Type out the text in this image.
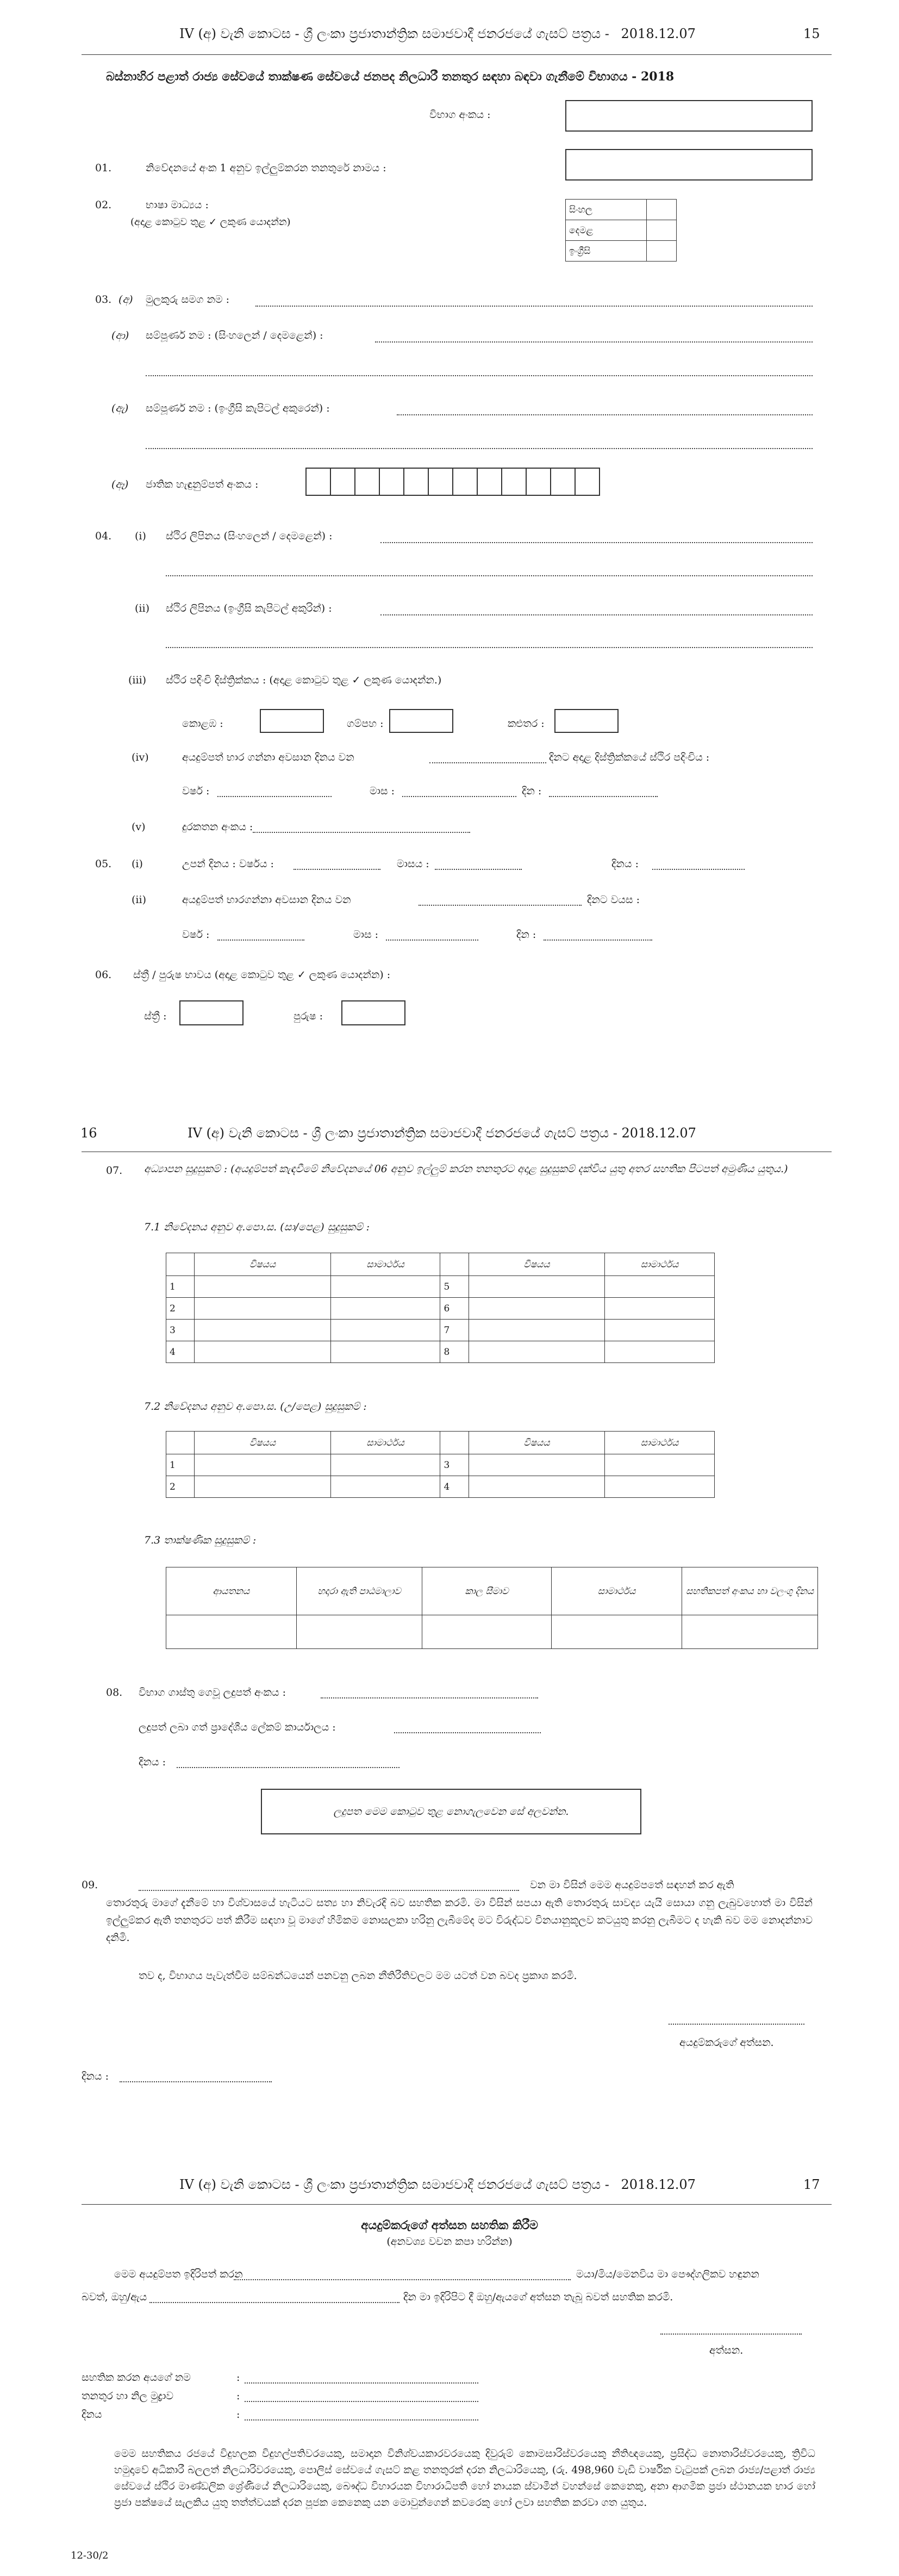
IV (අ) වැනි කොටස - ශ්‍රී ලංකා ප්‍රජාතාන්ත්‍රික සමාජවාදී ජනරජයේ ගැසට් පත්‍රය - 2018.12.07	15
බස්නාහිර පළාත් රාජ්‍ය සේවයේ තාක්ෂණ සේවයේ ජනපද නිලධාරී තනතුර සඳහා බඳවා ගැනීමේ විභාගය - 2018
විභාග අංකය :
01.	නිවේදනයේ අංක 1 අනුව ඉල්ලුම්කරන තනතුරේ නාමය :
02.	භාෂා මාධ්‍යය :
(අදාළ කොටුව තුළ ✓ ලකුණ යොදන්න)
සිංහල	
දෙමළ	
ඉංග්‍රීසි	
03. (අ) මුලකුරු සමග නම :
(ආ) සම්පූර්ණ නම : (සිංහලෙන් / දෙමළෙන්) :
(ඇ) සම්පූර්ණ නම : (ඉංග්‍රීසි කැපිටල් අකුරෙන්) :
(ඈ) ජාතික හැඳුනුම්පත් අංකය :
04. (i) ස්ථිර ලිපිනය (සිංහලෙන් / දෙමළෙන්) :
(ii) ස්ථිර ලිපිනය (ඉංග්‍රීසි කැපිටල් අකුරින්) :
(iii) ස්ථිර පදිංචි දිස්ත්‍රික්කය : (අදාළ කොටුව තුළ ✓ ලකුණ යොදන්න.)
කොළඹ :	ගම්පහ :	කළුතර :
(iv)	අයදුම්පත් භාර ගන්නා අවසාන දිනය වන	දිනට අදාළ දිස්ත්‍රික්කයේ ස්ථිර පදිංචිය :
වර්ෂ :	මාස :	දින :
(v)	දුරකතන අංකය :
05. (i)	උපන් දිනය : වර්ෂය :	මාසය :	දිනය :
(ii)	අයදුම්පත් භාරගන්නා අවසාන දිනය වන	දිනට වයස :
වර්ෂ :	මාස :	දින :
06. ස්ත්‍රී / පුරුෂ භාවය (අදාළ කොටුව තුළ ✓ ලකුණ යොදන්න) :
ස්ත්‍රී :	පුරුෂ :
16	IV (අ) වැනි කොටස - ශ්‍රී ලංකා ප්‍රජාතාන්ත්‍රික සමාජවාදී ජනරජයේ ගැසට් පත්‍රය - 2018.12.07
07. අධ්‍යාපන සුදුසුකම් : (අයදුම්පත් කැඳවීමේ නිවේදනයේ 06 අනුව ඉල්ලුම් කරන තනතුරට අදාළ සුදුසුකම් දක්විය යුතු අතර සහතික පිටපත් අමුණිය යුතුය.)
7.1 නිවේදනය අනුව අ.පො.ස. (සා/පෙළ) සුදුසුකම් :
	විෂයය	සාමාර්ථය		විෂයය	සාමාර්ථය
1			5		
2			6		
3			7		
4			8		
7.2 නිවේදනය අනුව අ.පො.ස. (උ/පෙළ) සුදුසුකම් :
	විෂයය	සාමාර්ථය		විෂයය	සාමාර්ථය
1			3		
2			4		
7.3 තාක්ෂණික සුදුසුකම් :
ආයතනය	හදාරා ඇති පාඨමාලාව	කාල සීමාව	සාමාර්ථය	සහතිකපත් අංකය හා වලංගු දිනය

08. විභාග ගාස්තු ගෙවූ ලදුපත් අංකය :
ලදුපත් ලබා ගත් ප්‍රාදේශීය ලේකම් කාර්යාලය :
දිනය :
ලදුපත මෙම කොටුව තුළ නොගැලවෙන සේ අලවන්න.
09.	වන මා විසින් මෙම අයදුම්පතේ සඳහන් කර ඇති
තොරතුරු මාගේ දැනීමේ හා විශ්වාසයේ හැටියට සත්‍ය හා නිවැරදි බව සහතික කරමි. මා විසින් සපයා ඇති තොරතුරු සාවද්‍ය යැයි සොයා ගනු ලැබුවහොත් මා විසින් ඉල්ලුම්කර ඇති තනතුරට පත් කිරීම සඳහා වූ මාගේ හිමිකම නොසලකා හරිනු ලැබීමේද මට විරුද්ධව විනයානුකූලව කටයුතු කරනු ලැබීමට ද හැකි බව මම නොදන්නාව දනිමි.
තව ද, විභාගය පැවැත්වීම සම්බන්ධයෙන් පනවනු ලබන නීතිරීතිවලට මම යටත් වන බවද ප්‍රකාශ කරමි.
අයදුම්කරුගේ අත්සන.
දිනය :
IV (අ) වැනි කොටස - ශ්‍රී ලංකා ප්‍රජාතාන්ත්‍රික සමාජවාදී ජනරජයේ ගැසට් පත්‍රය - 2018.12.07	17
අයදුම්කරුගේ අත්සන සහතික කිරීම
(අනවශ්‍ය වචන කපා හරින්න)
මෙම අයදුම්පත ඉදිරිපත් කරන	මයා/මිය/මෙනවිය මා පෞද්ගලිකව හඳුනන
බවත්, ඔහු/ඇය	දින මා ඉදිරිපිට දී ඔහු/ඇයගේ අත්සන තැබූ බවත් සහතික කරමි.
අත්සන.
සහතික කරන අයගේ නම	:
තනතුර හා නිල මුද්‍රාව	:
දිනය	:
මෙම සහතිකය රජයේ විදුහලක විදුහල්පතිවරයෙකු, සමාදාන විනිශ්චයකාරවරයෙකු දිවුරුම් කොමසාරිස්වරයෙකු නීතිඥයෙකු, ප්‍රසිද්ධ නොතාරිස්වරයෙකු, ත්‍රිවිධ හමුදාවේ අධිකාරී බලලත් නිලධාරිවරයෙකු, පොලිස් සේවයේ ගැසට් කළ තනතුරක් දරන නිලධාරියෙකු, (රු. 498,960 වැඩි වාර්ෂික වැටුපක් ලබන රාජ්‍ය/පළාත් රාජ්‍ය සේවයේ ස්ථිර මාණ්ඩලික ශ්‍රේණියේ නිලධාරියෙකු, බෞද්ධ විහාරයක විහාරාධිපති හෝ නායක ස්වාමීන් වහන්සේ කෙනෙකු, අනා ආගමික ප්‍රජා ස්ථානයක භාර හෝ ප්‍රජා පක්ෂයේ සැලකිය යුතු තත්ත්වයක් දරන පූජක කෙනෙකු යන මොවුන්ගෙන් කවරෙකු හෝ ලවා සහතික කරවා ගත යුතුය.
12-30/2
